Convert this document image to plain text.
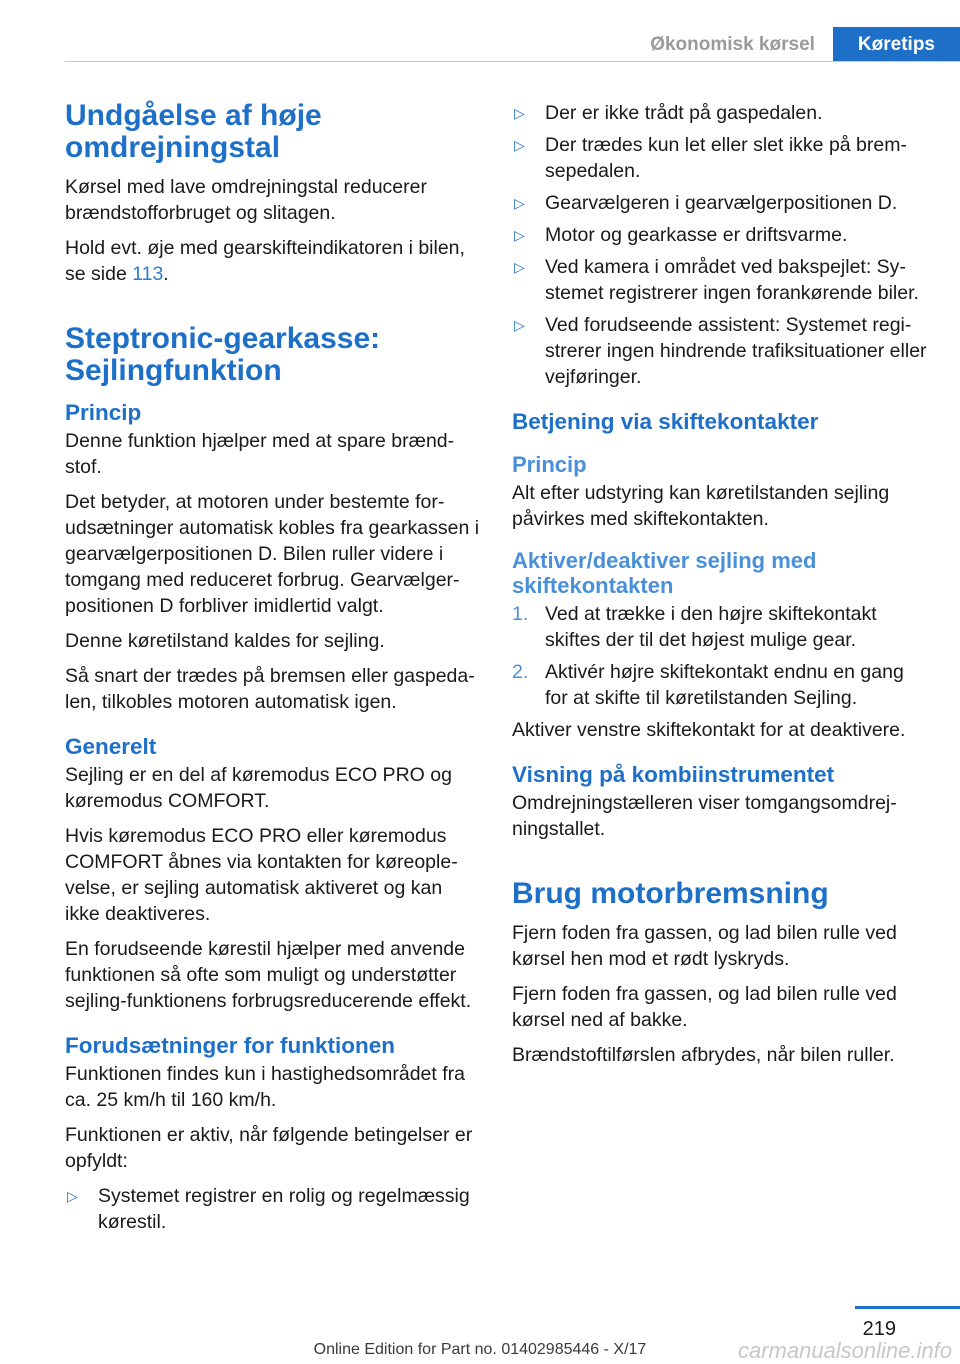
Økonomisk kørsel	Køretips
Undgåelse af høje omdrejningstal

Kørsel med lave omdrejningstal reducerer brændstofforbruget og slitagen.

Hold evt. øje med gearskifteindikatoren i bilen, se side 113.

Steptronic-gearkasse: Sejlingfunktion
Princip

Denne funktion hjælper med at spare brændstof.

Det betyder, at motoren under bestemte forudsætninger automatisk kobles fra gearkassen i gearvælgerpositionen D. Bilen ruller videre i tomgang med reduceret forbrug. Gearvælgerpositionen D forbliver imidlertid valgt.

Denne køretilstand kaldes for sejling.

Så snart der trædes på bremsen eller gaspedalen, tilkobles motoren automatisk igen.

Generelt

Sejling er en del af køremodus ECO PRO og køremodus COMFORT.

Hvis køremodus ECO PRO eller køremodus COMFORT åbnes via kontakten for køreoplevelse, er sejling automatisk aktiveret og kan ikke deaktiveres.

En forudseende kørestil hjælper med anvende funktionen så ofte som muligt og understøtter sejling-funktionens forbrugsreducerende effekt.

Forudsætninger for funktionen

Funktionen findes kun i hastighedsområdet fra ca. 25 km/h til 160 km/h.

Funktionen er aktiv, når følgende betingelser er opfyldt:

▷ Systemet registrer en rolig og regelmæssig kørestil.
▷ Der er ikke trådt på gaspedalen.
▷ Der trædes kun let eller slet ikke på bremsepedalen.
▷ Gearvælgeren i gearvælgerpositionen D.
▷ Motor og gearkasse er driftsvarme.
▷ Ved kamera i området ved bakspejlet: Systemet registrerer ingen forankørende biler.
▷ Ved forudseende assistent: Systemet registrerer ingen hindrende trafiksituationer eller vejføringer.
Betjening via skiftekontakter
Princip

Alt efter udstyring kan køretilstanden sejling påvirkes med skiftekontakten.

Aktiver/deaktiver sejling med skiftekontakten
1. Ved at trække i den højre skiftekontakt skiftes der til det højest mulige gear.
2. Aktivér højre skiftekontakt endnu en gang for at skifte til køretilstanden Sejling.

Aktiver venstre skiftekontakt for at deaktivere.

Visning på kombiinstrumentet

Omdrejningstælleren viser tomgangsomdrejningstallet.

Brug motorbremsning

Fjern foden fra gassen, og lad bilen rulle ved kørsel hen mod et rødt lyskryds.

Fjern foden fra gassen, og lad bilen rulle ved kørsel ned af bakke.

Brændstoftilførslen afbrydes, når bilen ruller.

219
Online Edition for Part no. 01402985446 - X/17	carmanualsonline.info
